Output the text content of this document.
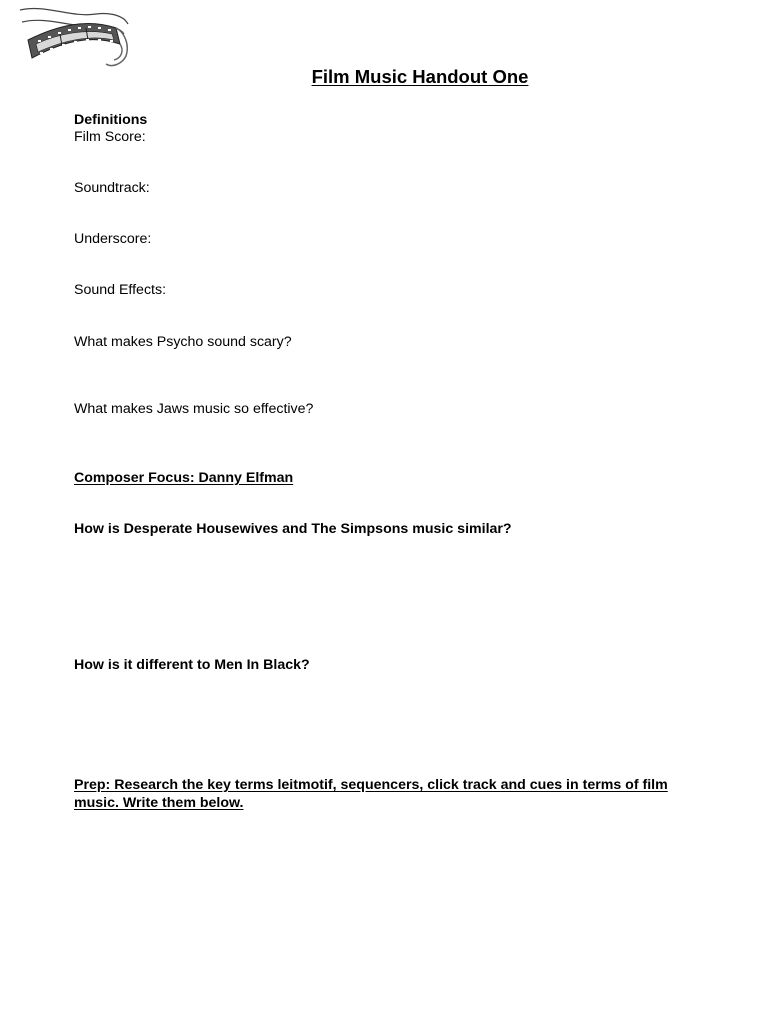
Film Music Handout One
Definitions
Film Score:
Soundtrack:
Underscore:
Sound Effects:
What makes Psycho sound scary?
What makes Jaws music so effective?
Composer Focus: Danny Elfman
How is Desperate Housewives and The Simpsons music similar?
How is it different to Men In Black?
Prep: Research the key terms leitmotif, sequencers, click track and cues in terms of film music. Write them below.
